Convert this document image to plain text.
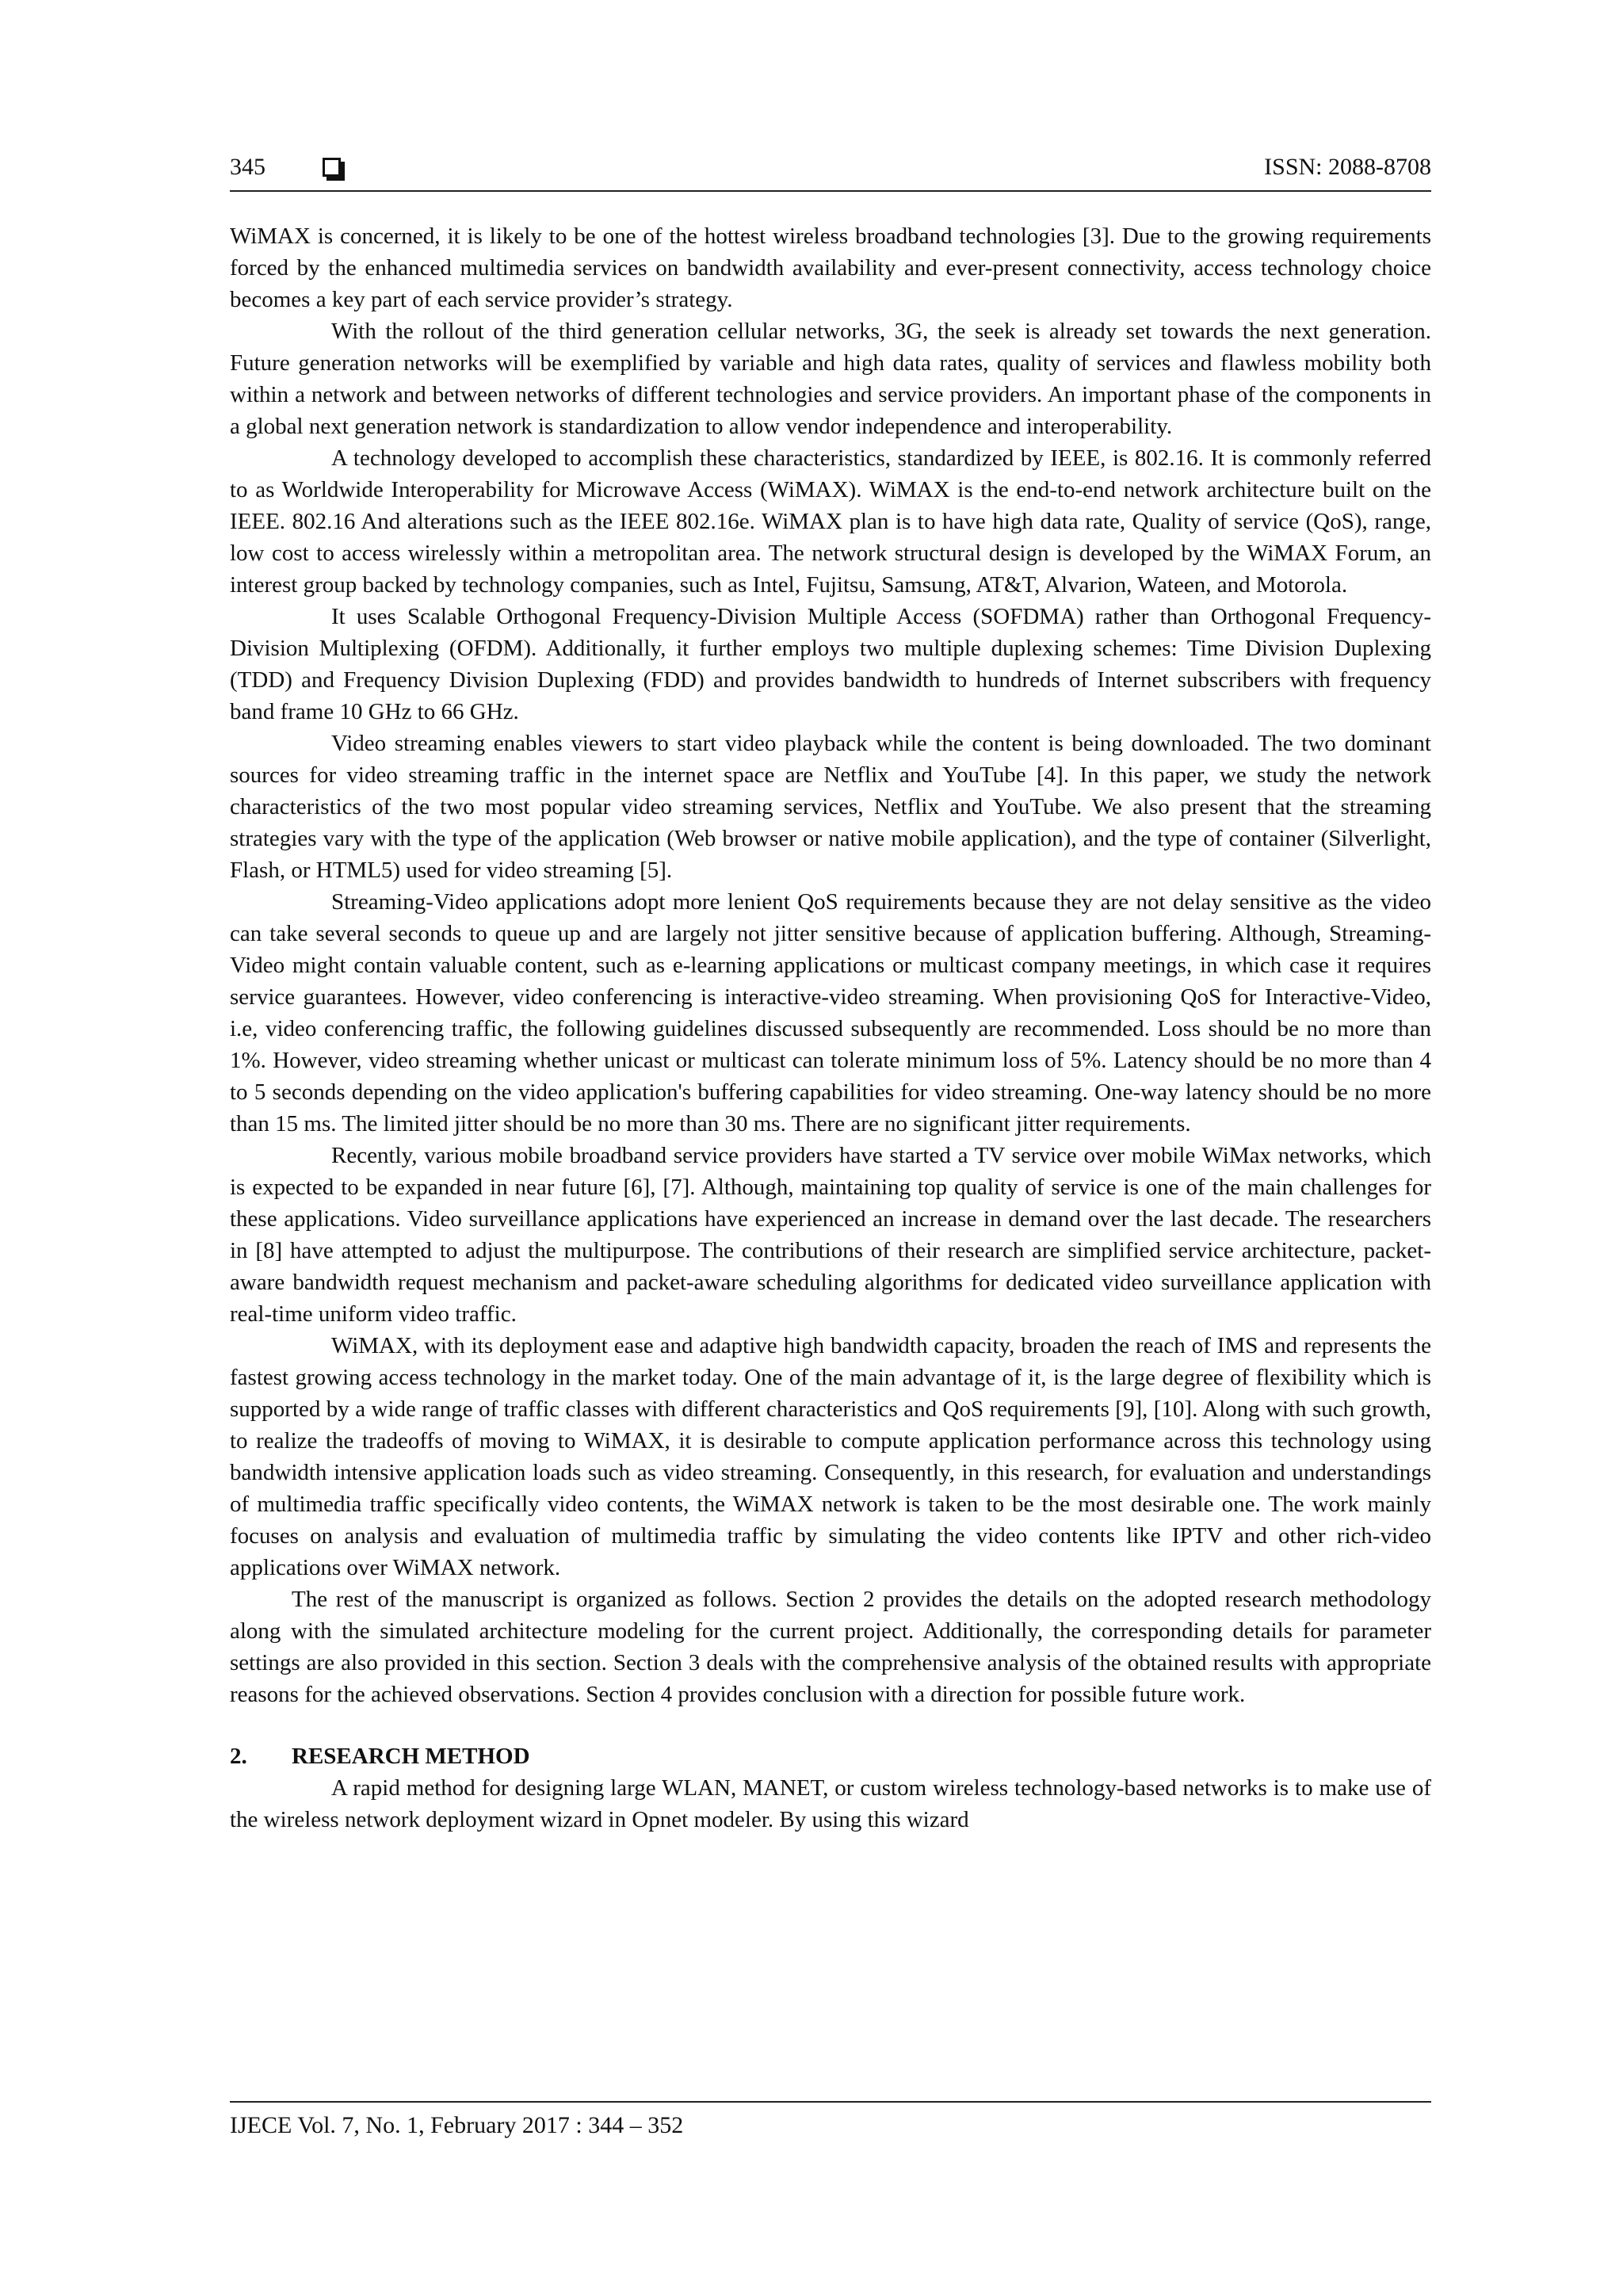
345	ISSN: 2088-8708

WiMAX is concerned, it is likely to be one of the hottest wireless broadband technologies [3]. Due to the growing requirements forced by the enhanced multimedia services on bandwidth availability and ever-present connectivity, access technology choice becomes a key part of each service provider’s strategy.

With the rollout of the third generation cellular networks, 3G, the seek is already set towards the next generation. Future generation networks will be exemplified by variable and high data rates, quality of services and flawless mobility both within a network and between networks of different technologies and service providers. An important phase of the components in a global next generation network is standardization to allow vendor independence and interoperability.

A technology developed to accomplish these characteristics, standardized by IEEE, is 802.16. It is commonly referred to as Worldwide Interoperability for Microwave Access (WiMAX). WiMAX is the end-to-end network architecture built on the IEEE. 802.16 And alterations such as the IEEE 802.16e. WiMAX plan is to have high data rate, Quality of service (QoS), range, low cost to access wirelessly within a metropolitan area. The network structural design is developed by the WiMAX Forum, an interest group backed by technology companies, such as Intel, Fujitsu, Samsung, AT&T, Alvarion, Wateen, and Motorola.

It uses Scalable Orthogonal Frequency-Division Multiple Access (SOFDMA) rather than Orthogonal Frequency-Division Multiplexing (OFDM). Additionally, it further employs two multiple duplexing schemes: Time Division Duplexing (TDD) and Frequency Division Duplexing (FDD) and provides bandwidth to hundreds of Internet subscribers with frequency band frame 10 GHz to 66 GHz.

Video streaming enables viewers to start video playback while the content is being downloaded. The two dominant sources for video streaming traffic in the internet space are Netflix and YouTube [4]. In this paper, we study the network characteristics of the two most popular video streaming services, Netflix and YouTube. We also present that the streaming strategies vary with the type of the application (Web browser or native mobile application), and the type of container (Silverlight, Flash, or HTML5) used for video streaming [5].

Streaming-Video applications adopt more lenient QoS requirements because they are not delay sensitive as the video can take several seconds to queue up and are largely not jitter sensitive because of application buffering. Although, Streaming-Video might contain valuable content, such as e-learning applications or multicast company meetings, in which case it requires service guarantees. However, video conferencing is interactive-video streaming. When provisioning QoS for Interactive-Video, i.e, video conferencing traffic, the following guidelines discussed subsequently are recommended. Loss should be no more than 1%. However, video streaming whether unicast or multicast can tolerate minimum loss of 5%. Latency should be no more than 4 to 5 seconds depending on the video application's buffering capabilities for video streaming. One-way latency should be no more than 15 ms. The limited jitter should be no more than 30 ms. There are no significant jitter requirements.

Recently, various mobile broadband service providers have started a TV service over mobile WiMax networks, which is expected to be expanded in near future [6], [7]. Although, maintaining top quality of service is one of the main challenges for these applications. Video surveillance applications have experienced an increase in demand over the last decade. The researchers in [8] have attempted to adjust the multipurpose. The contributions of their research are simplified service architecture, packet-aware bandwidth request mechanism and packet-aware scheduling algorithms for dedicated video surveillance application with real-time uniform video traffic.

WiMAX, with its deployment ease and adaptive high bandwidth capacity, broaden the reach of IMS and represents the fastest growing access technology in the market today. One of the main advantage of it, is the large degree of flexibility which is supported by a wide range of traffic classes with different characteristics and QoS requirements [9], [10]. Along with such growth, to realize the tradeoffs of moving to WiMAX, it is desirable to compute application performance across this technology using bandwidth intensive application loads such as video streaming. Consequently, in this research, for evaluation and understandings of multimedia traffic specifically video contents, the WiMAX network is taken to be the most desirable one. The work mainly focuses on analysis and evaluation of multimedia traffic by simulating the video contents like IPTV and other rich-video applications over WiMAX network.

The rest of the manuscript is organized as follows. Section 2 provides the details on the adopted research methodology along with the simulated architecture modeling for the current project. Additionally, the corresponding details for parameter settings are also provided in this section. Section 3 deals with the comprehensive analysis of the obtained results with appropriate reasons for the achieved observations. Section 4 provides conclusion with a direction for possible future work.

2. RESEARCH METHOD

A rapid method for designing large WLAN, MANET, or custom wireless technology-based networks is to make use of the wireless network deployment wizard in Opnet modeler. By using this wizard

IJECE Vol. 7, No. 1, February 2017 : 344 – 352
